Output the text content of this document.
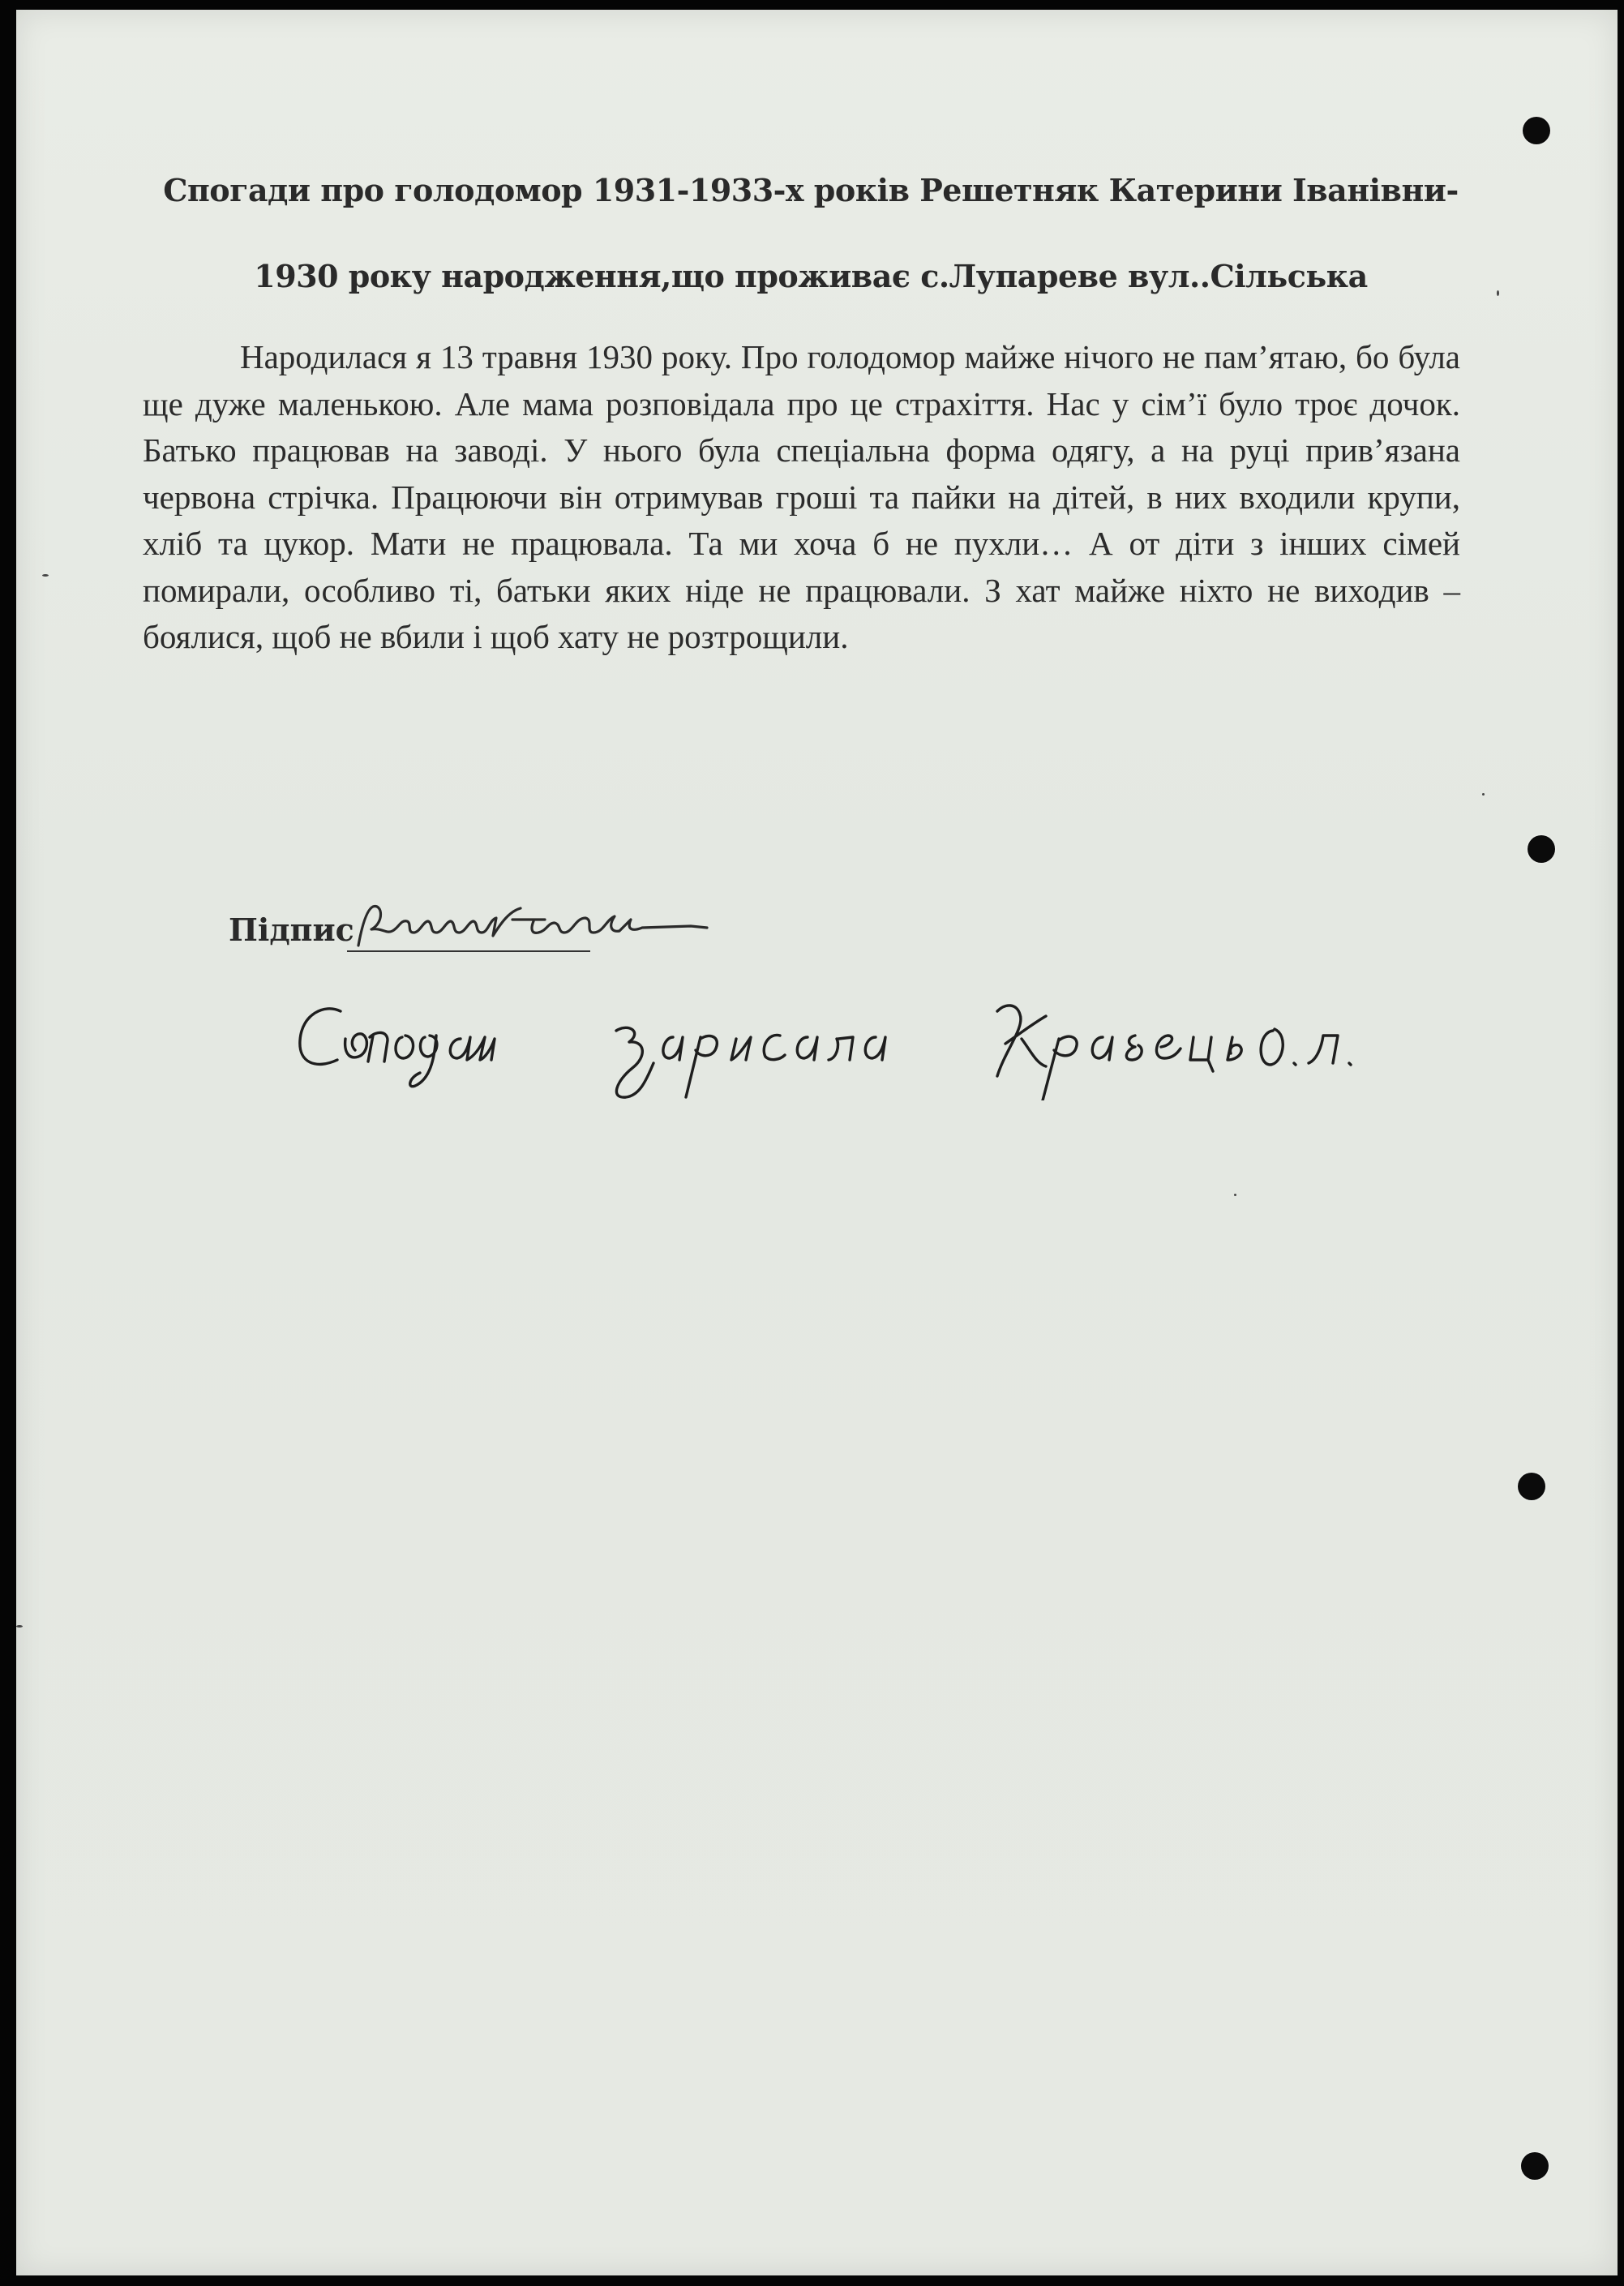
Спогади про голодомор 1931-1933-х років Решетняк Катерини Іванівни-
1930 року народження,що проживає с.Лупареве вул..Сільська

Народилася я 13 травня 1930 року. Про голодомор майже нічого не пам’ятаю, бо була ще дуже маленькою. Але мама розповідала про це страхіття. Нас у сім’ї було троє дочок. Батько працював на заводі. У нього була спеціальна форма одягу, а на руці прив’язана червона стрічка. Працюючи він отримував гроші та пайки на дітей, в них входили крупи, хліб та цукор. Мати не працювала. Та ми хоча б не пухли… А от діти з інших сімей помирали, особливо ті, батьки яких ніде не працювали. З хат майже ніхто не виходив – боялися, щоб не вбили і щоб хату не розтрощили.

Підпис
